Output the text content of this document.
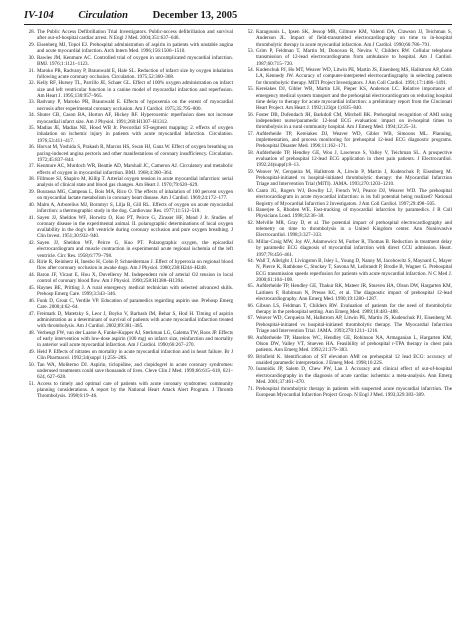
IV-104 Circulation December 13, 2005
28. The Public Access Defibrillation Trial Investigators. Public-access defibrillation and survival after out-of-hospital cardiac arrest. N Engl J Med. 2004;351:637–646.
29. Eisenberg MJ, Topol EJ. Prehospital administration of aspirin in patients with unstable angina and acute myocardial infarction. Arch Intern Med. 1996;156:1506–1510.
30. Rawles JM, Kenmure AC. Controlled trial of oxygen in uncomplicated myocardial infarction. BMJ. 1976;1:1121–1123.
31. Maroko PR, Radvany P, Braunwald E, Hale SL. Reduction of infarct size by oxygen inhalation following acute coronary occlusion. Circulation. 1975;52:360–368.
32. Kelly RF, Hursey TL, Parrillo JE, Schaer GL. Effect of 100% oxygen administration on infarct size and left ventricular function in a canine model of myocardial infarction and reperfusion. Am Heart J. 1995;130:957–965.
33. Radvany P, Maroko PR, Braunwald E. Effects of hypoxemia on the extent of myocardial necrosis after experimental coronary occlusion. Am J Cardiol. 1975;35:795–800.
34. Shuter CB, Cason BA, Horton AF, Hickey RF. Hyperoxemic reperfusion does not increase myocardial infarct size. Am J Physiol. 1991;260:H1307–H1312.
35. Madias JE, Madias NE, Hood WB Jr. Precordial ST-segment mapping: 2. effects of oxygen inhalation on ischemic injury in patients with acute myocardial infarction. Circulation. 1976;53:411–417.
36. Horvat M, Yoshida S, Prakash R, Marcus HS, Swan HJ, Ganz W. Effect of oxygen breathing on pacing-induced angina pectoris and other manifestations of coronary insufficiency. Circulation. 1972;45:837–844.
37. Kenmure AC, Murdoch WR, Beattie AD, Marshall JC, Cameron AJ. Circulatory and metabolic effects of oxygen in myocardial infarction. BMJ. 1968;4:360–364.
38. Fillmore SJ, Shapiro M, Killip T. Arterial oxygen tension in acute myocardial infarction: serial analysis of clinical state and blood gas changes. Am Heart J. 1970;79:620–629.
39. Bourassa MG, Campeau L, Bois MA, Rico O. The effects of inhalation of 100 percent oxygen on myocardial lactate metabolism in coronary heart disease. Am J Cardiol. 1969;24:172–177.
40. Malm A, Arborelius MJ, Bornmyr S, Lilja B, Gill RL. Effects of oxygen on acute myocardial infarction: a thermographic study in the dog. Cardiovasc Res. 1977;11:512–518.
41. Sayen JJ, Sheldon WF, Horwitz O, Kuo PT, Peirce G, Zinsser HF, Mead J Jr. Studies of coronary disease in the experimental animal. II. polarographic determinations of local oxygen availability in the dog's left ventricle during coronary occlusion and pure oxygen breathing. J Clin Invest. 1951;30:932–940.
42. Sayen JJ, Sheldon WF, Peirce G, Kuo PT. Polarographic oxygen, the epicardial electrocardiogram and muscle contraction in experimental acute regional ischemia of the left ventricle. Circ Res. 1958;6:779–798.
43. Ririe R, Reinherz H, Inesbo H, Cohn P, Schneiderman J. Effect of hyperoxia on regional blood flow after coronary occlusion in awake dogs. Am J Physiol. 1980;238:H244–H248.
44. Baron JF, Vicaut E, Hou X, Duvelleroy M. Independent role of arterial O2 tension in local control of coronary blood flow. Am J Physiol. 1990;258:H1388–H1394.
45. Haynes BE, Pritting J. A rural emergency medical technician with selected advanced skills. Prehosp Emerg Care. 1999;3:343–346.
46. Funk D, Groat C, Verdile VP. Education of paramedics regarding aspirin use. Prehosp Emerg Care. 2000;4:62–64.
47. Freimark D, Matetzky S, Leor J, Boyko V, Barbash IM, Behar S, Hod H. Timing of aspirin administration as a determinant of survival of patients with acute myocardial infarction treated with thrombolysis. Am J Cardiol. 2002;89:381–385.
48. Verheugt FW, van der Laarse A, Funke-Kupper AJ, Sterkman LG, Galema TW, Roos JP. Effects of early intervention with low-dose aspirin (100 mg) on infarct size, reinfarction and mortality in anterior wall acute myocardial infarction. Am J Cardiol. 1990;66:267–270.
49. Held P. Effects of nitrates on mortality in acute myocardial infarction and in heart failure. Br J Clin Pharmacol. 1992;34(suppl 1):25S–28S.
50. Tan WA, Moliterno DJ. Aspirin, ticlopidine, and clopidogrel in acute coronary syndromes: underused treatments could save thousands of lives. Cleve Clin J Med. 1999;66:615–618, 621–624, 627–628.
51. Access to timely and optimal care of patients with acute coronary syndromes: community planning considerations. A report by the National Heart Attack Alert Program. J Thromb Thrombolysis. 1998;6:19–46.
52. Karagounis L, Ipsen SK, Jessop MR, Gilmore KM, Valenti DA, Clawson JJ, Teichman S, Anderson JL. Impact of field-transmitted electrocardiography on time to in-hospital thrombolytic therapy in acute myocardial infarction. Am J Cardiol. 1990;66:786–791.
53. Grim P, Feldman T, Martin M, Donovan R, Nevins V, Childers RW. Cellular telephone transmission of 12-lead electrocardiograms from ambulance to hospital. Am J Cardiol. 1987;60:715–720.
54. Kudenchuk PJ, Ho MT, Weaver WD, Litwin PE, Martin JS, Eisenberg MS, Hallstrom AP, Cobb LA, Kennedy JW. Accuracy of computer-interpreted electrocardiography in selecting patients for thrombolytic therapy. MITI Project Investigators. J Am Coll Cardiol. 1991;17:1486–1491.
55. Kereiakes DJ, Gibler WB, Martin LH, Pieper KS, Anderson LC. Relative importance of emergency medical system transport and the prehospital electrocardiogram on reducing hospital time delay to therapy for acute myocardial infarction: a preliminary report from the Cincinnati Heart Project. Am Heart J. 1992;123(pt 1):835–840.
56. Foster DB, Dufendach JH, Barkdoll CM, Mitchell BK. Prehospital recognition of AMI using independent nurse/paramedic 12-lead ECG evaluation: impact on in-hospital times to thrombolysis in a rural community hospital. Am J Emerg Med. 1994;12:25–31.
57. Aufderheide TP, Kereiakes DJ, Weaver WD, Gibler WB, Simoons ML. Planning, implementation, and process monitoring for prehospital 12-lead ECG diagnostic programs. Prehospital Disaster Med. 1996;11:162–171.
58. Aufderheide TP, Hendley GE, Woo J, Lawrence S, Valley V, Teichman SL. A prospective evaluation of prehospital 12-lead ECG application in chest pain patients. J Electrocardiol. 1992;24(suppl):8–13.
59. Weaver W, Cerqueira M, Hallstrom A, Litwin P, Martin J, Kudenchuk P, Eisenberg M. Prehospital-initiated vs hospital-initiated thrombolytic therapy: the Myocardial Infarction Triage and Intervention Trial (MITI). JAMA. 1993;270:1203–1210.
60. Canto JG, Rogers WJ, Bowlby LJ, French WJ, Pearce DJ, Weaver WD. The prehospital electrocardiogram in acute myocardial infarction: is its full potential being realized? National Registry of Myocardial Infarction 2 Investigators. J Am Coll Cardiol. 1997;29:498–505.
61. Banerjee S, Rhoden WE. Fast-tracking of myocardial infarction by paramedics. J R Coll Physicians Lond. 1998;32:36–38.
62. Melville MR, Gray D, et al. The potential impact of prehospital electrocardiography and telemetry on time to thrombolysis in a United Kingdom center. Ann Noninvasive Electrocardiol. 1998;3:327–333.
63. Millar-Craig MW, Joy AV, Adamowicz M, Furber R, Thomas B. Reduction in treatment delay by paramedic ECG diagnosis of myocardial infarction with direct CCU admission. Heart. 1997;78:456–461.
64. Wall T, Albright J, Livingston B, Isley L, Young D, Nanny M, Jacobowitz S, Maynard C, Mayer N, Pierce K, Rathbone C, Stuckey T, Savona M, Leibrandt P, Brodie B, Wagner G. Prehospital ECG transmission speeds reperfusion for patients with acute myocardial infarction. N C Med J. 2000;61:104–108.
65. Aufderheide TP, Hendley GE, Thakur RK, Mateer JR, Stueven HA, Olson DW, Hargarten KM, Laitinen F, Robinson N, Preuss KC, et al. The diagnostic impact of prehospital 12-lead electrocardiography. Ann Emerg Med. 1990;19:1280–1287.
66. Gibson LS, Feldman T, Childers RW. Evaluation of patients for the need of thrombolytic therapy in the prehospital setting. Ann Emerg Med. 1989;18:483–488.
67. Weaver WD, Cerqueira M, Hallstrom AP, Litwin PE, Martin JS, Kudenchuk PJ, Eisenberg M. Prehospital-initiated vs hospital-initiated thrombolytic therapy. The Myocardial Infarction Triage and Intervention Trial. JAMA. 1993;270:1211–1216.
68. Aufderheide TP, Haselow WC, Hendley GE, Robinson NA, Armaganian L, Hargarten KM, Olson DW, Valley VT, Stueven HA. Feasibility of prehospital r-TPA therapy in chest pain patients. Ann Emerg Med. 1992;21:379–383.
69. Brinfield K. Identification of ST elevation AMI on prehospital 12 lead ECG: accuracy of unaided paramedic interpretation. J Emerg Med. 1998;16:22S.
70. Ioannidis JP, Salem D, Chew PW, Lau J. Accuracy and clinical effect of out-of-hospital electrocardiography in the diagnosis of acute cardiac ischemia: a meta-analysis. Ann Emerg Med. 2001;37:461–470.
71. Prehospital thrombolytic therapy in patients with suspected acute myocardial infarction. The European Myocardial Infarction Project Group. N Engl J Med. 1993;329:383–389.
